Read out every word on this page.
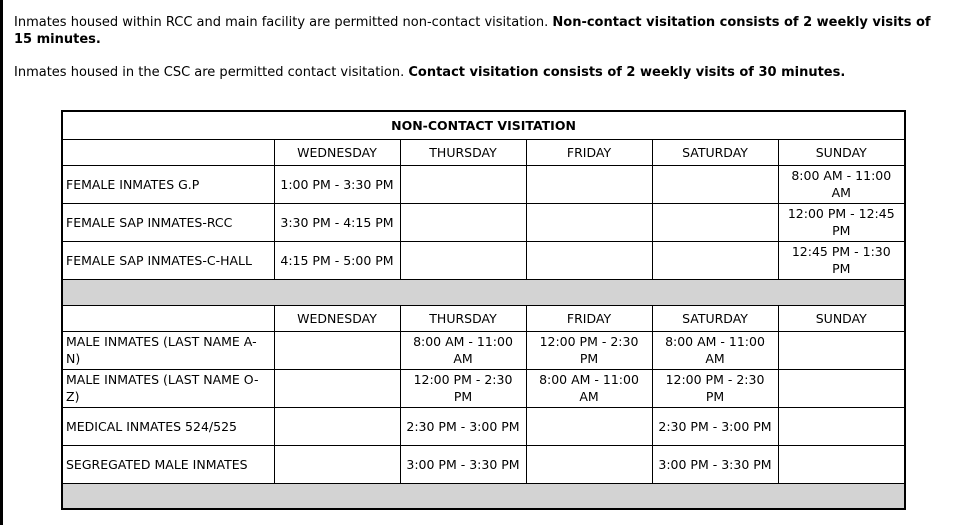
Inmates housed within RCC and main facility are permitted non-contact visitation. Non-contact visitation consists of 2 weekly visits of 15 minutes.

Inmates housed in the CSC are permitted contact visitation. Contact visitation consists of 2 weekly visits of 30 minutes.

NON-CONTACT VISITATION					
	WEDNESDAY	THURSDAY	FRIDAY	SATURDAY	SUNDAY
FEMALE INMATES G.P	1:00 PM - 3:30 PM				8:00 AM - 11:00 AM
FEMALE SAP INMATES-RCC	3:30 PM - 4:15 PM				12:00 PM - 12:45 PM
FEMALE SAP INMATES-C-HALL	4:15 PM - 5:00 PM				12:45 PM - 1:30 PM

	WEDNESDAY	THURSDAY	FRIDAY	SATURDAY	SUNDAY
MALE INMATES (LAST NAME A-N)		8:00 AM - 11:00 AM	12:00 PM - 2:30 PM	8:00 AM - 11:00 AM	
MALE INMATES (LAST NAME O-Z)		12:00 PM - 2:30 PM	8:00 AM - 11:00 AM	12:00 PM - 2:30 PM	
MEDICAL INMATES 524/525		2:30 PM - 3:00 PM		2:30 PM - 3:00 PM	
SEGREGATED MALE INMATES		3:00 PM - 3:30 PM		3:00 PM - 3:30 PM	
